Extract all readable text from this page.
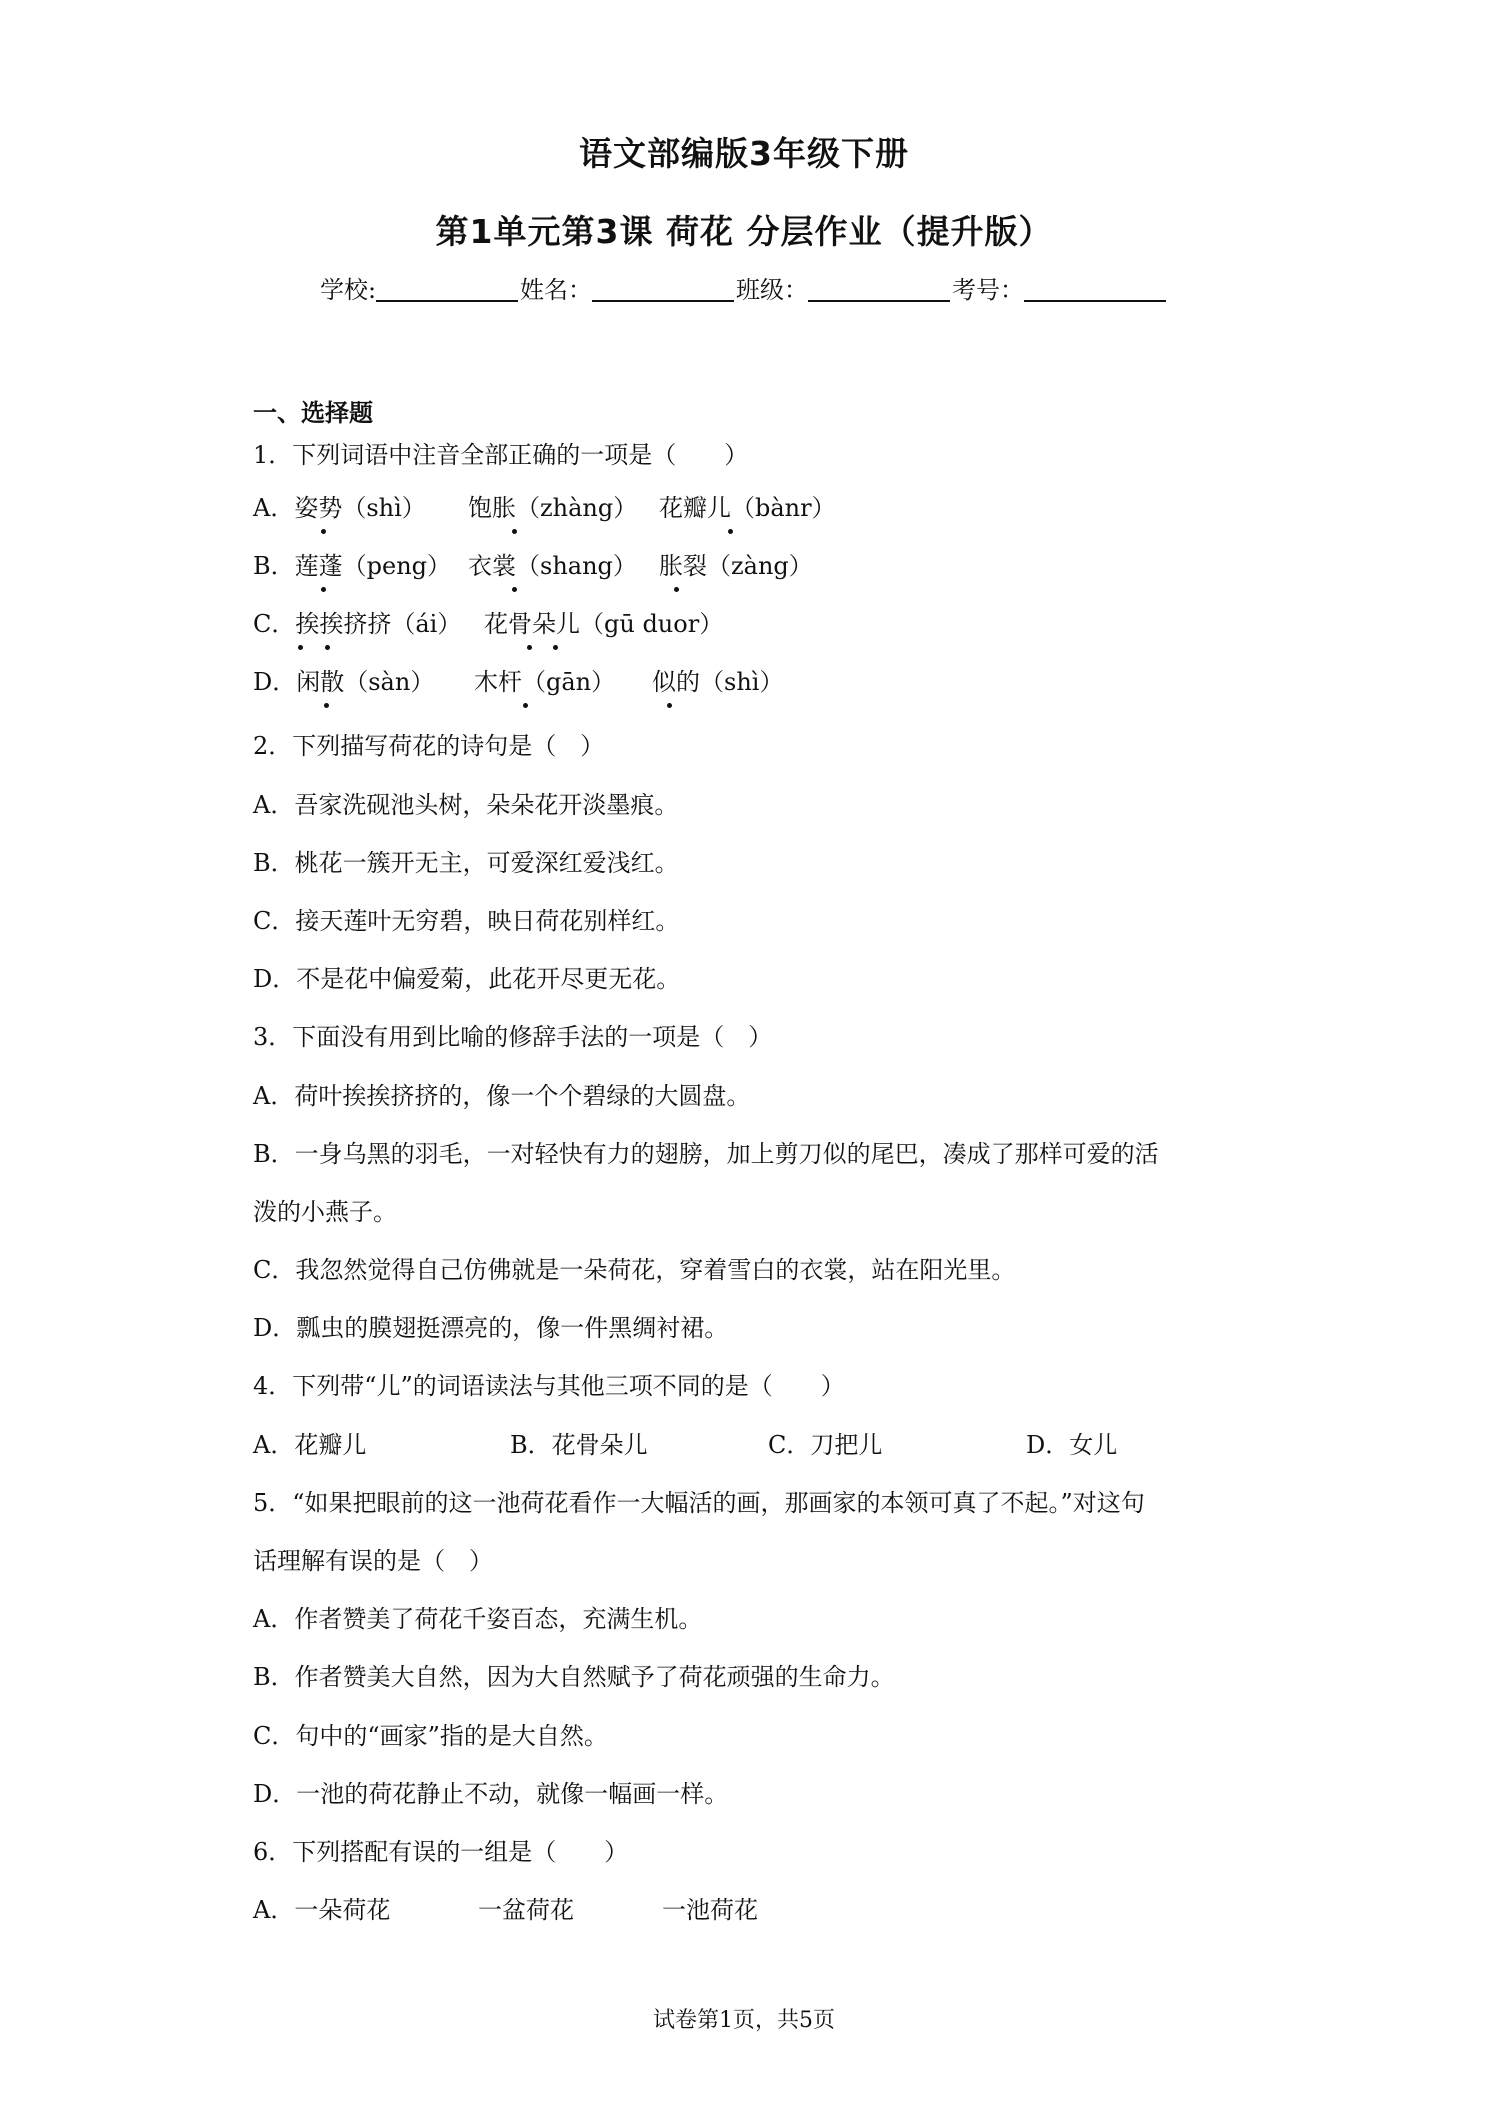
语文部编版3年级下册
第1单元第3课 荷花 分层作业（提升版）
学校:	姓名：	班级：	考号：
一、选择题
1．下列词语中注音全部正确的一项是（　　）
A．姿势（shì） 饱胀（zhàng） 花瓣儿（bànr）
B．莲蓬（peng） 衣裳（shang） 胀裂（zàng）
C．挨挨挤挤（ái） 花骨朵儿（gū duor）
D．闲散（sàn） 木杆（gān） 似的（shì）
2．下列描写荷花的诗句是（　）
A．吾家洗砚池头树，朵朵花开淡墨痕。
B．桃花一簇开无主，可爱深红爱浅红。
C．接天莲叶无穷碧，映日荷花别样红。
D．不是花中偏爱菊，此花开尽更无花。
3．下面没有用到比喻的修辞手法的一项是（　）
A．荷叶挨挨挤挤的，像一个个碧绿的大圆盘。
B．一身乌黑的羽毛，一对轻快有力的翅膀，加上剪刀似的尾巴，凑成了那样可爱的活
泼的小燕子。
C．我忽然觉得自己仿佛就是一朵荷花，穿着雪白的衣裳，站在阳光里。
D．瓢虫的膜翅挺漂亮的，像一件黑绸衬裙。
4．下列带“儿”的词语读法与其他三项不同的是（　　）
A．花瓣儿	B．花骨朵儿	C．刀把儿	D．女儿
5．“如果把眼前的这一池荷花看作一大幅活的画，那画家的本领可真了不起。”对这句
话理解有误的是（　）
A．作者赞美了荷花千姿百态，充满生机。
B．作者赞美大自然，因为大自然赋予了荷花顽强的生命力。
C．句中的“画家”指的是大自然。
D．一池的荷花静止不动，就像一幅画一样。
6．下列搭配有误的一组是（　　）
A．一朵荷花	一盆荷花	一池荷花
试卷第1页，共5页
